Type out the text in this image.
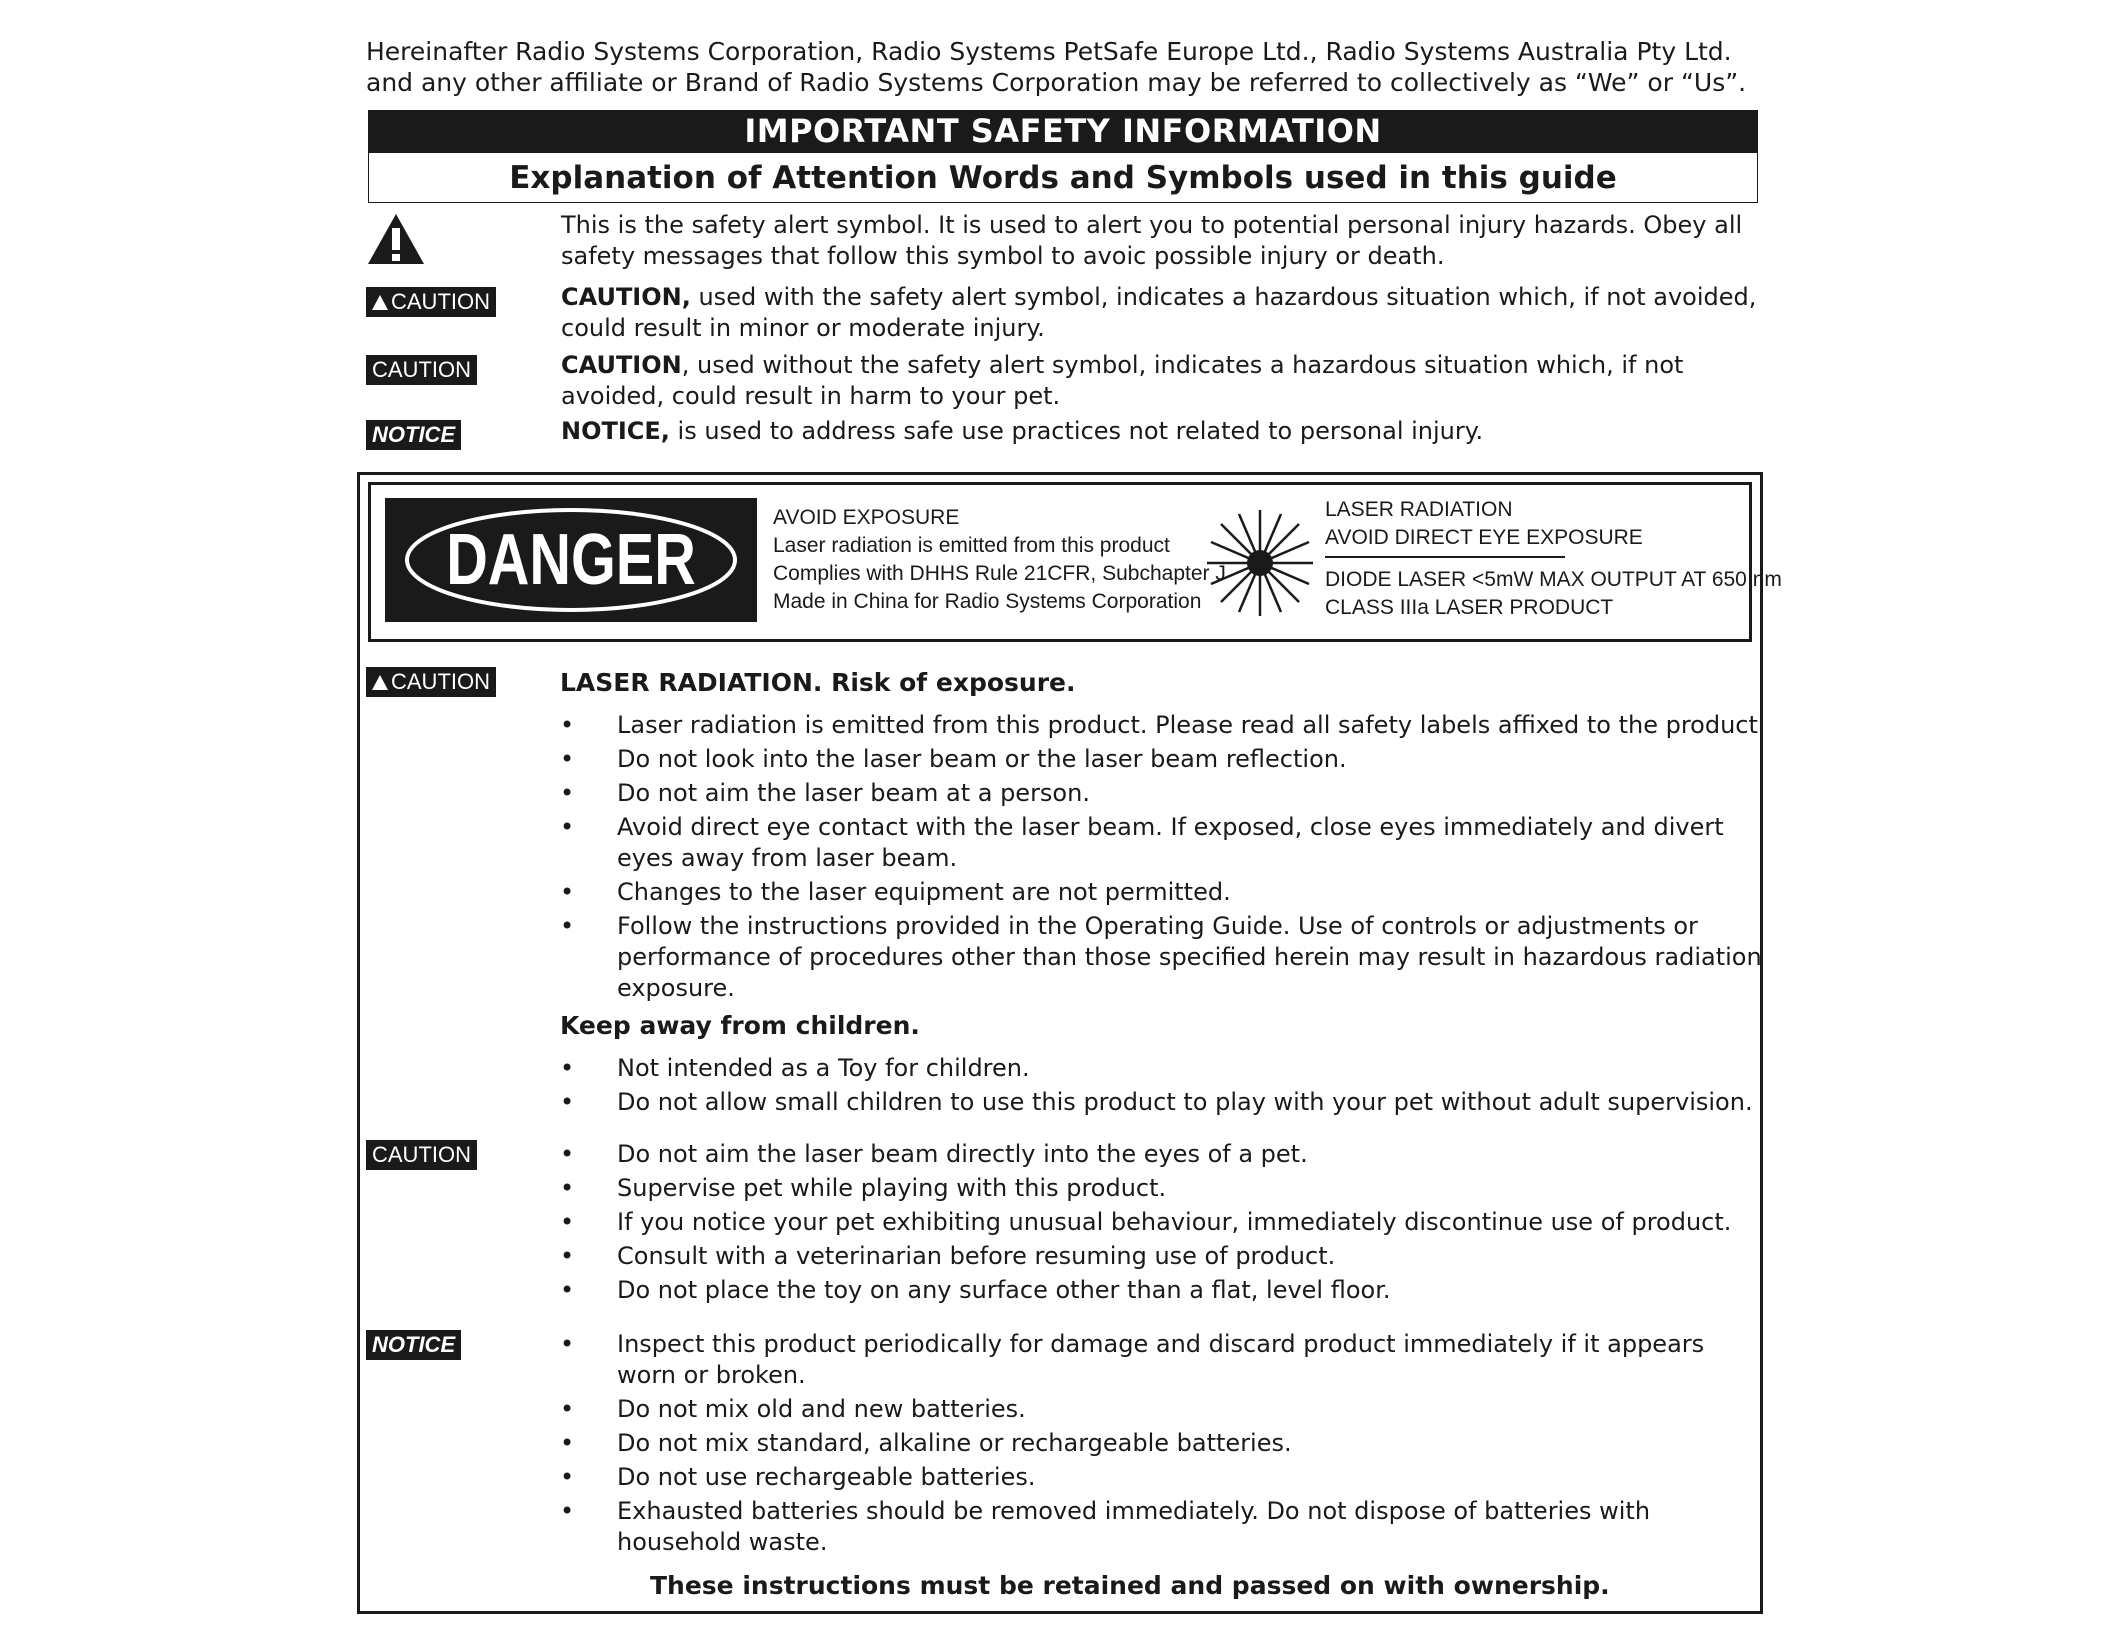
Hereinafter Radio Systems Corporation, Radio Systems PetSafe Europe Ltd., Radio Systems Australia Pty Ltd. and any other affiliate or Brand of Radio Systems Corporation may be referred to collectively as “We” or “Us”.
IMPORTANT SAFETY INFORMATION
Explanation of Attention Words and Symbols used in this guide
This is the safety alert symbol. It is used to alert you to potential personal injury hazards. Obey all safety messages that follow this symbol to avoic possible injury or death.
CAUTION	CAUTION, used with the safety alert symbol, indicates a hazardous situation which, if not avoided, could result in minor or moderate injury.
CAUTION	CAUTION, used without the safety alert symbol, indicates a hazardous situation which, if not avoided, could result in harm to your pet.
NOTICE	NOTICE, is used to address safe use practices not related to personal injury.
DANGER
AVOID EXPOSURE
Laser radiation is emitted from this product
Complies with DHHS Rule 21CFR, Subchapter J
Made in China for Radio Systems Corporation
LASER RADIATION
AVOID DIRECT EYE EXPOSURE
DIODE LASER <5mW MAX OUTPUT AT 650 nm
CLASS IIIa LASER PRODUCT
CAUTION	LASER RADIATION. Risk of exposure.
• Laser radiation is emitted from this product. Please read all safety labels affixed to the product.
• Do not look into the laser beam or the laser beam reflection.
• Do not aim the laser beam at a person.
• Avoid direct eye contact with the laser beam. If exposed, close eyes immediately and divert eyes away from laser beam.
• Changes to the laser equipment are not permitted.
• Follow the instructions provided in the Operating Guide. Use of controls or adjustments or performance of procedures other than those specified herein may result in hazardous radiation exposure.
Keep away from children.
• Not intended as a Toy for children.
• Do not allow small children to use this product to play with your pet without adult supervision.
CAUTION	• Do not aim the laser beam directly into the eyes of a pet.
• Supervise pet while playing with this product.
• If you notice your pet exhibiting unusual behaviour, immediately discontinue use of product.
• Consult with a veterinarian before resuming use of product.
• Do not place the toy on any surface other than a flat, level floor.
NOTICE	• Inspect this product periodically for damage and discard product immediately if it appears worn or broken.
• Do not mix old and new batteries.
• Do not mix standard, alkaline or rechargeable batteries.
• Do not use rechargeable batteries.
• Exhausted batteries should be removed immediately. Do not dispose of batteries with household waste.
These instructions must be retained and passed on with ownership.
